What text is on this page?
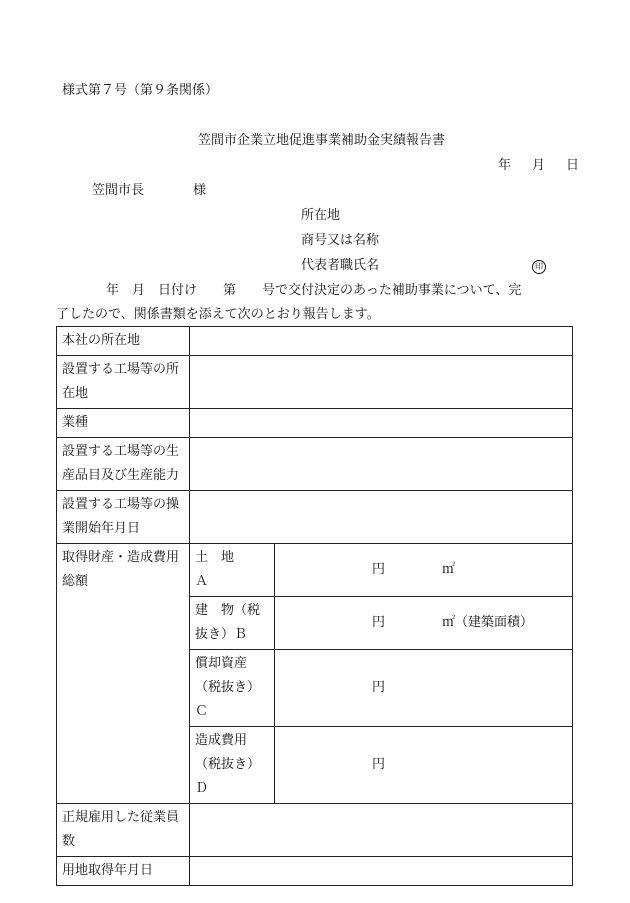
様式第７号（第９条関係）
笠間市企業立地促進事業補助金実績報告書
年　月　日
笠間市長	様
所在地
商号又は名称
代表者職氏名	印
年　月　日付け　　第　　号で交付決定のあった補助事業について、完
了したので、関係書類を添えて次のとおり報告します。
本社の所在地		
設置する工場等の所在地		
業種		
設置する工場等の生産品目及び生産能力		
設置する工場等の操業開始年月日		
取得財産・造成費用総額	土　地　　Ａ	円 ㎡

	建　物（税抜き）Ｂ	円 ㎡（建築面積）

	償却資産（税抜き）Ｃ	円

	造成費用（税抜き）Ｄ	円

正規雇用した従業員数		
用地取得年月日		
